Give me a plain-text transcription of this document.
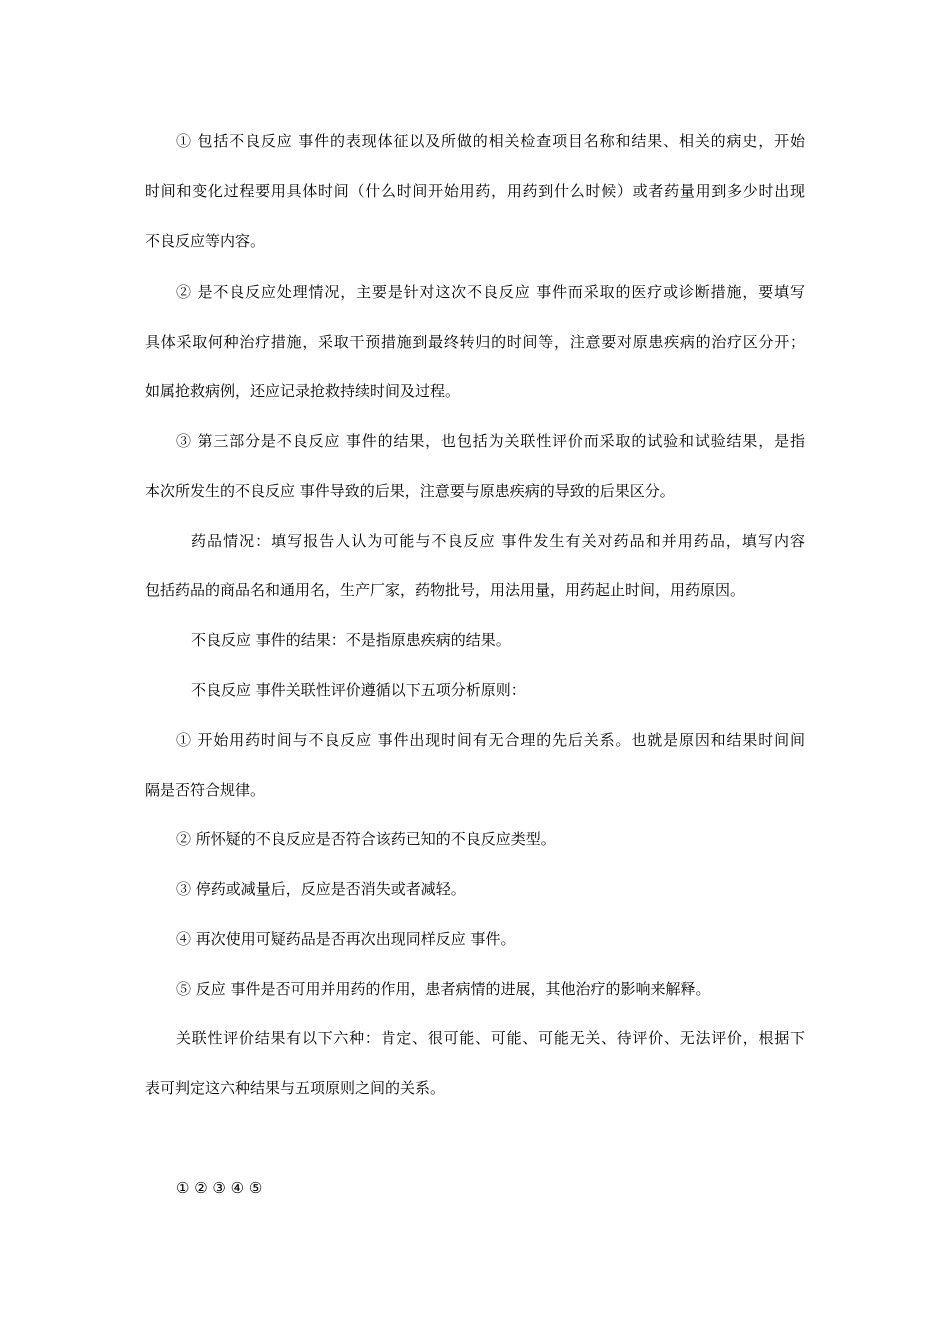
① 包括不良反应 事件的表现体征以及所做的相关检查项目名称和结果、相关的病史，开始
时间和变化过程要用具体时间（什么时间开始用药，用药到什么时候）或者药量用到多少时出现
不良反应等内容。
② 是不良反应处理情况，主要是针对这次不良反应 事件而采取的医疗或诊断措施，要填写
具体采取何种治疗措施，采取干预措施到最终转归的时间等，注意要对原患疾病的治疗区分开；
如属抢救病例，还应记录抢救持续时间及过程。
③ 第三部分是不良反应 事件的结果，也包括为关联性评价而采取的试验和试验结果，是指
本次所发生的不良反应 事件导致的后果，注意要与原患疾病的导致的后果区分。
药品情况：填写报告人认为可能与不良反应 事件发生有关对药品和并用药品，填写内容
包括药品的商品名和通用名，生产厂家，药物批号，用法用量，用药起止时间，用药原因。
不良反应 事件的结果：不是指原患疾病的结果。
不良反应 事件关联性评价遵循以下五项分析原则：
① 开始用药时间与不良反应 事件出现时间有无合理的先后关系。也就是原因和结果时间间
隔是否符合规律。
② 所怀疑的不良反应是否符合该药已知的不良反应类型。
③ 停药或减量后，反应是否消失或者减轻。
④ 再次使用可疑药品是否再次出现同样反应 事件。
⑤ 反应 事件是否可用并用药的作用，患者病情的进展，其他治疗的影响来解释。
关联性评价结果有以下六种：肯定、很可能、可能、可能无关、待评价、无法评价，根据下
表可判定这六种结果与五项原则之间的关系。
① ② ③ ④ ⑤
